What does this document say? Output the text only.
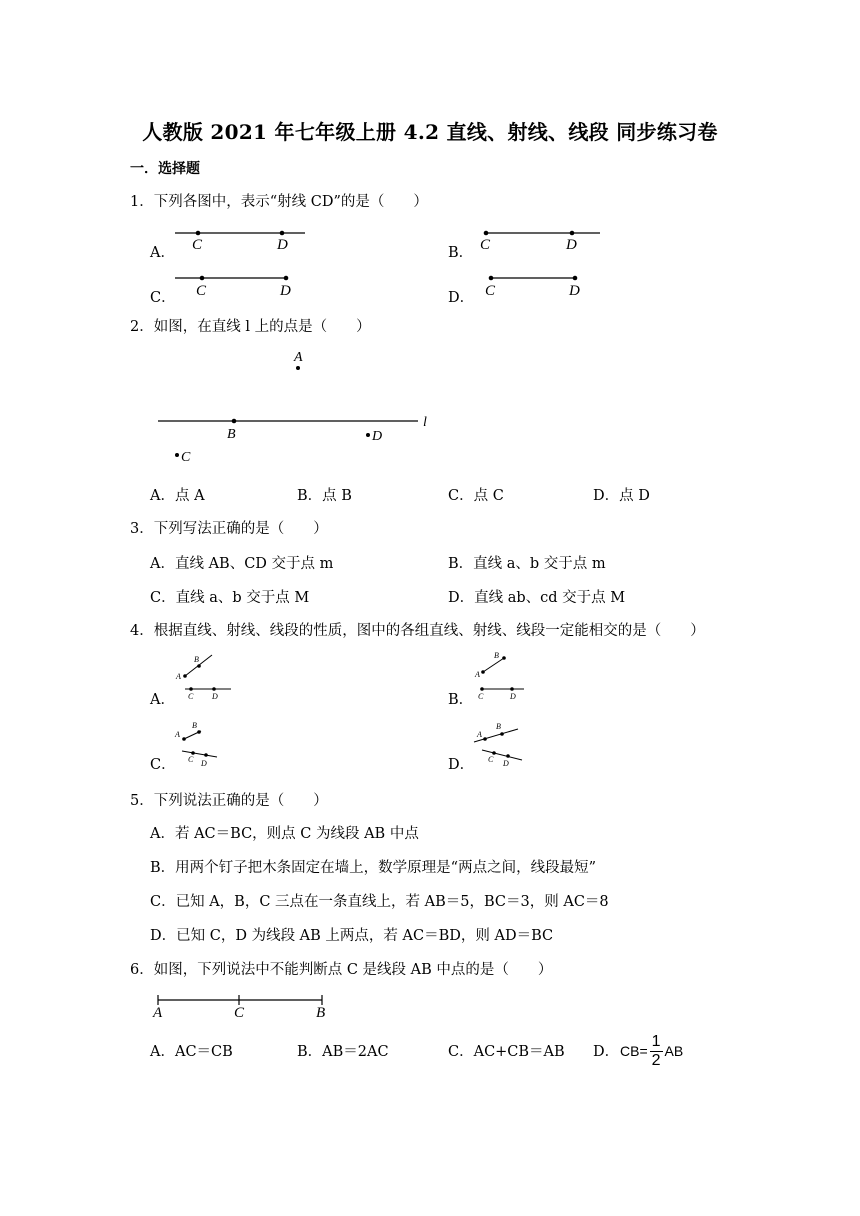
人教版 2021 年七年级上册 4.2 直线、射线、线段 同步练习卷
一．选择题
1．下列各图中，表示“射线 CD”的是（　　）
A．	B．
C．	D．
C	D	C	D
C	D	C	D
2．如图，在直线 l 上的点是（　　）
A
l
B	D
C
A．点 A	B．点 B	C．点 C	D．点 D
3．下列写法正确的是（　　）
A．直线 AB、CD 交于点 m	B．直线 a、b 交于点 m
C．直线 a、b 交于点 M	D．直线 ab、cd 交于点 M
4．根据直线、射线、线段的性质，图中的各组直线、射线、线段一定能相交的是（　　）
A．	B．
C．	D．
A
B
C D
A
B
C	D
A
B
C D
A
B
C D
5．下列说法正确的是（　　）
A．若 AC＝BC，则点 C 为线段 AB 中点
B．用两个钉子把木条固定在墙上，数学原理是“两点之间，线段最短”
C．已知 A，B，C 三点在一条直线上，若 AB＝5，BC＝3，则 AC＝8
D．已知 C，D 为线段 AB 上两点，若 AC＝BD，则 AD＝BC
6．如图，下列说法中不能判断点 C 是线段 AB 中点的是（　　）
A	C	B
A．AC＝CB	B．AB＝2AC	C．AC+CB＝AB D． $CB= \frac{1}{2}$ AB
